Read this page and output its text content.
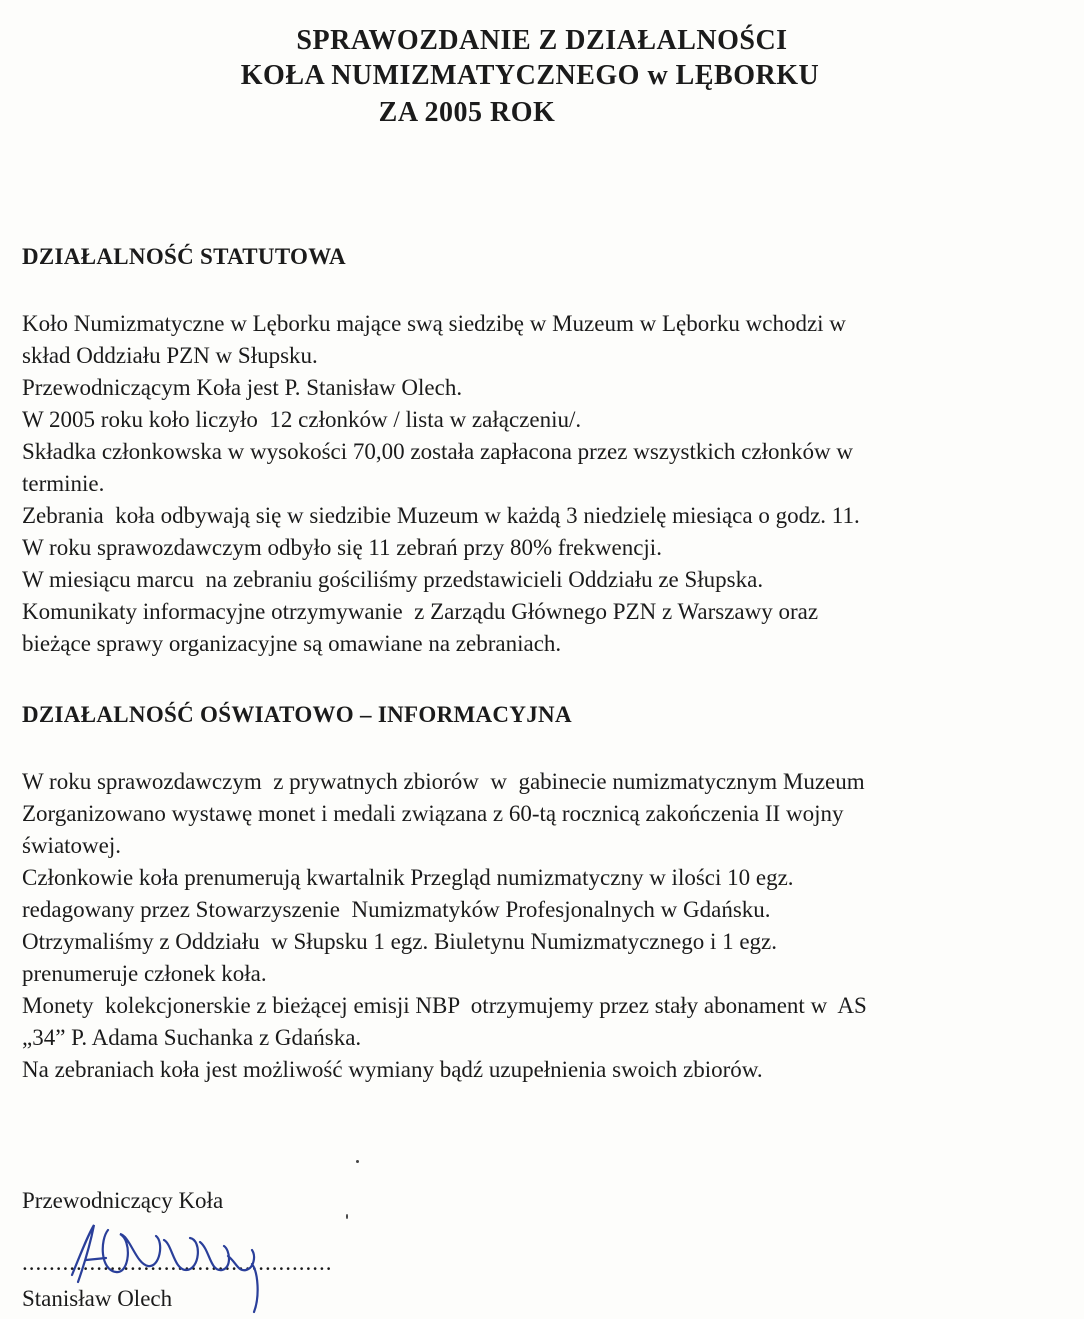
SPRAWOZDANIE Z DZIAŁALNOŚCI
KOŁA NUMIZMATYCZNEGO w LĘBORKU
ZA 2005 ROK
DZIAŁALNOŚĆ STATUTOWA
Koło Numizmatyczne w Lęborku mające swą siedzibę w Muzeum w Lęborku wchodzi w
skład Oddziału PZN w Słupsku.
Przewodniczącym Koła jest P. Stanisław Olech.
W 2005 roku koło liczyło  12 członków / lista w załączeniu/.
Składka członkowska w wysokości 70,00 została zapłacona przez wszystkich członków w
terminie.
Zebrania  koła odbywają się w siedzibie Muzeum w każdą 3 niedzielę miesiąca o godz. 11.
W roku sprawozdawczym odbyło się 11 zebrań przy 80% frekwencji.
W miesiącu marcu  na zebraniu gościliśmy przedstawicieli Oddziału ze Słupska.
Komunikaty informacyjne otrzymywanie  z Zarządu Głównego PZN z Warszawy oraz
bieżące sprawy organizacyjne są omawiane na zebraniach.
DZIAŁALNOŚĆ OŚWIATOWO – INFORMACYJNA
W roku sprawozdawczym  z prywatnych zbiorów  w  gabinecie numizmatycznym Muzeum
Zorganizowano wystawę monet i medali związana z 60-tą rocznicą zakończenia II wojny
światowej.
Członkowie koła prenumerują kwartalnik Przegląd numizmatyczny w ilości 10 egz.
redagowany przez Stowarzyszenie  Numizmatyków Profesjonalnych w Gdańsku.
Otrzymaliśmy z Oddziału  w Słupsku 1 egz. Biuletynu Numizmatycznego i 1 egz.
prenumeruje członek koła.
Monety  kolekcjonerskie z bieżącej emisji NBP  otrzymujemy przez stały abonament w  AS
„34” P. Adama Suchanka z Gdańska.
Na zebraniach koła jest możliwość wymiany bądź uzupełnienia swoich zbiorów.
Przewodniczący Koła
..............................................
Stanisław Olech
